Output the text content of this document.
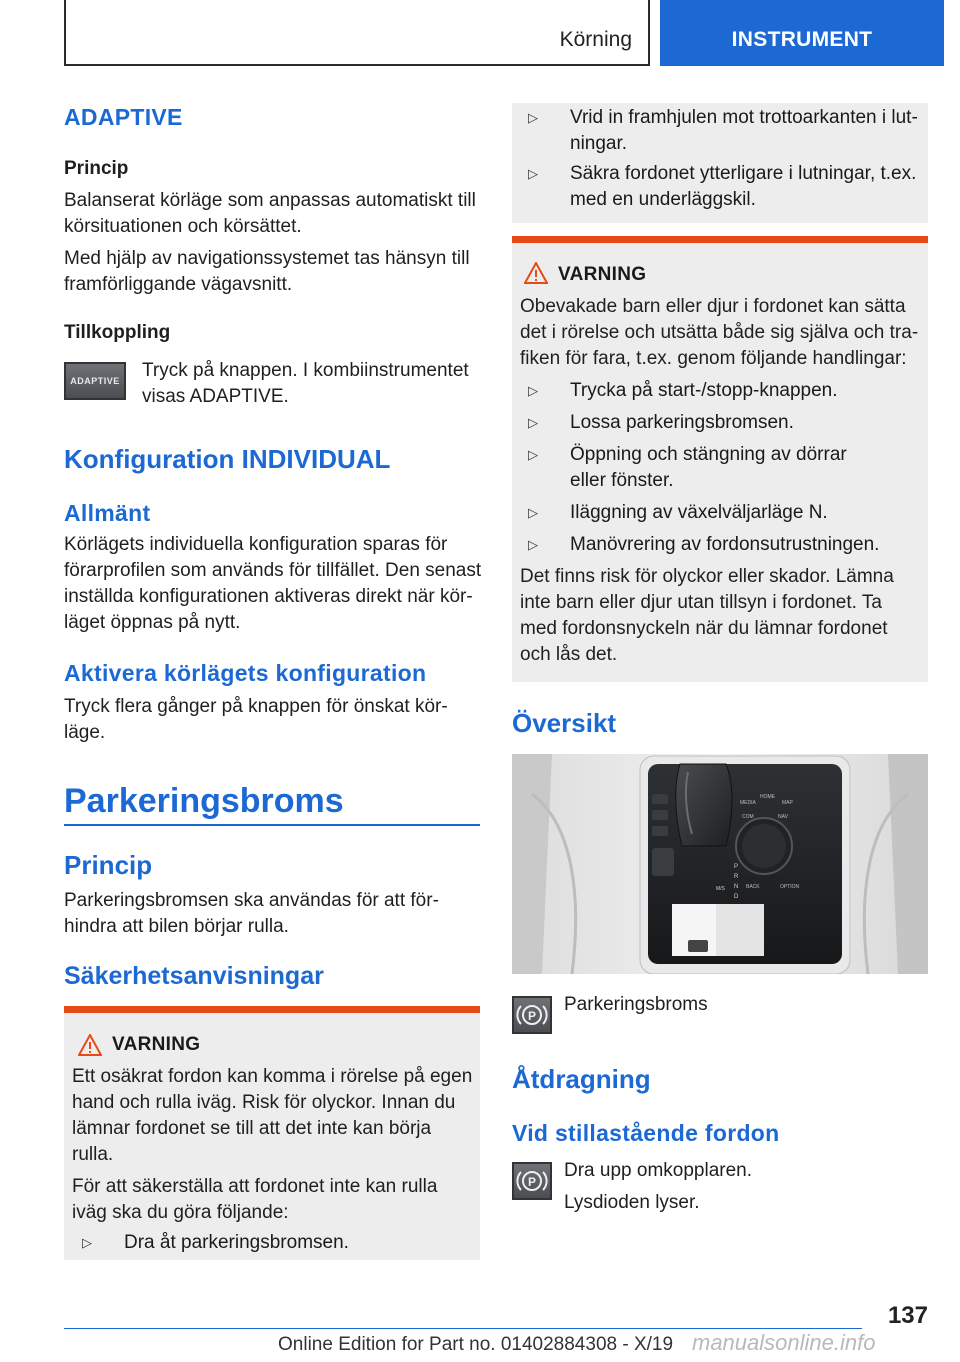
Körning	INSTRUMENT
ADAPTIVE
Princip
Balanserat körläge som anpassas automatiskt till körsituationen och körsättet.
Med hjälp av navigationssystemet tas hänsyn till framförliggande vägavsnitt.
Tillkoppling
ADAPTIVE Tryck på knappen. I kombiinstrumentet visas ADAPTIVE.
Konfiguration INDIVIDUAL
Allmänt
Körlägets individuella konfiguration sparas för förarprofilen som används för tillfället. Den senast inställda konfigurationen aktiveras direkt när kör-läget öppnas på nytt.
Aktivera körlägets konfiguration
Tryck flera gånger på knappen för önskat kör-läge.
Parkeringsbroms
Princip
Parkeringsbromsen ska användas för att för-hindra att bilen börjar rulla.
Säkerhetsanvisningar
VARNING
Ett osäkrat fordon kan komma i rörelse på egen hand och rulla iväg. Risk för olyckor. Innan du lämnar fordonet se till att det inte kan börja rulla.
För att säkerställa att fordonet inte kan rulla iväg ska du göra följande:
▷ Dra åt parkeringsbromsen.
▷ Vrid in framhjulen mot trottoarkanten i lut-ningar.
▷ Säkra fordonet ytterligare i lutningar, t.ex. med en underläggskil.
VARNING
Obevakade barn eller djur i fordonet kan sätta det i rörelse och utsätta både sig själva och tra-fiken för fara, t.ex. genom följande handlingar:
▷ Trycka på start-/stopp-knappen.
▷ Lossa parkeringsbromsen.
▷ Öppning och stängning av dörrar eller fönster.
▷ Iläggning av växelväljarläge N.
▷ Manövrering av fordonsutrustningen.
Det finns risk för olyckor eller skador. Lämna inte barn eller djur utan tillsyn i fordonet. Ta med fordonsnyckeln när du lämnar fordonet och lås det.
Översikt
P
R
N
D
M/S
MEDIA
HOME
MAP
COM	NAV
BACK	OPTION
P
Parkeringsbroms
Åtdragning
Vid stillastående fordon
P
Dra upp omkopplaren.
Lysdioden lyser.
137
Online Edition for Part no. 01402884308 - X/19 manualsonline.info
